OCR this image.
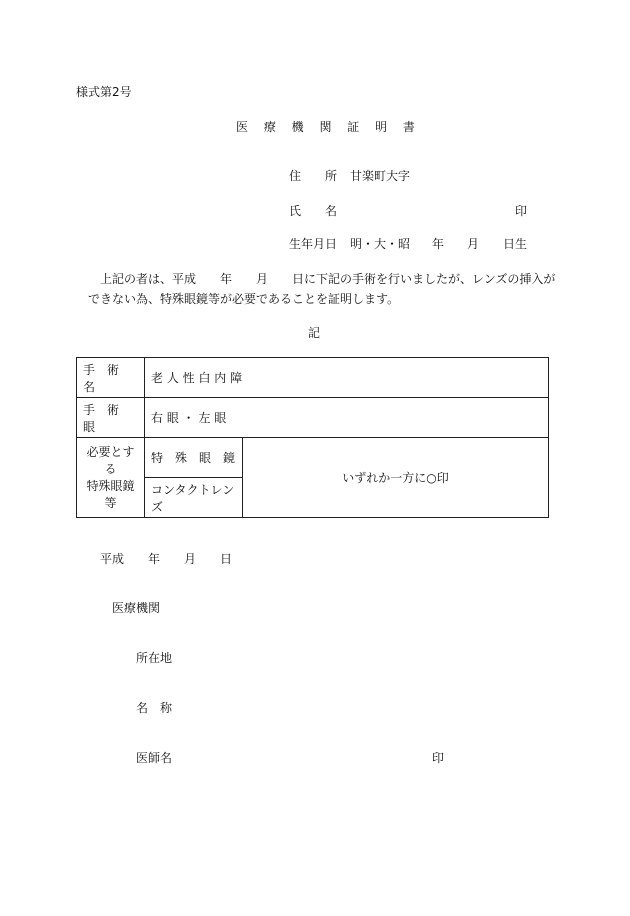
様式第2号
医 療 機 関 証 明 書
住　　所 甘楽町大字
氏　　名	印
生年月日 明・大・昭 年 月 日生
上記の者は、平成　　年　　月　　日に下記の手術を行いましたが、レンズの挿入が
できない為、特殊眼鏡等が必要であることを証明します。
記
手　術　名	老 人 性 白 内 障	
手　術　眼	右 眼 ・ 左 眼	

必要とする
特殊眼鏡等	特　殊　眼　鏡	いずれか一方に○印
	コンタクトレンズ	
平成 年 月 日
医療機関
所在地
名　称
医師名	印
